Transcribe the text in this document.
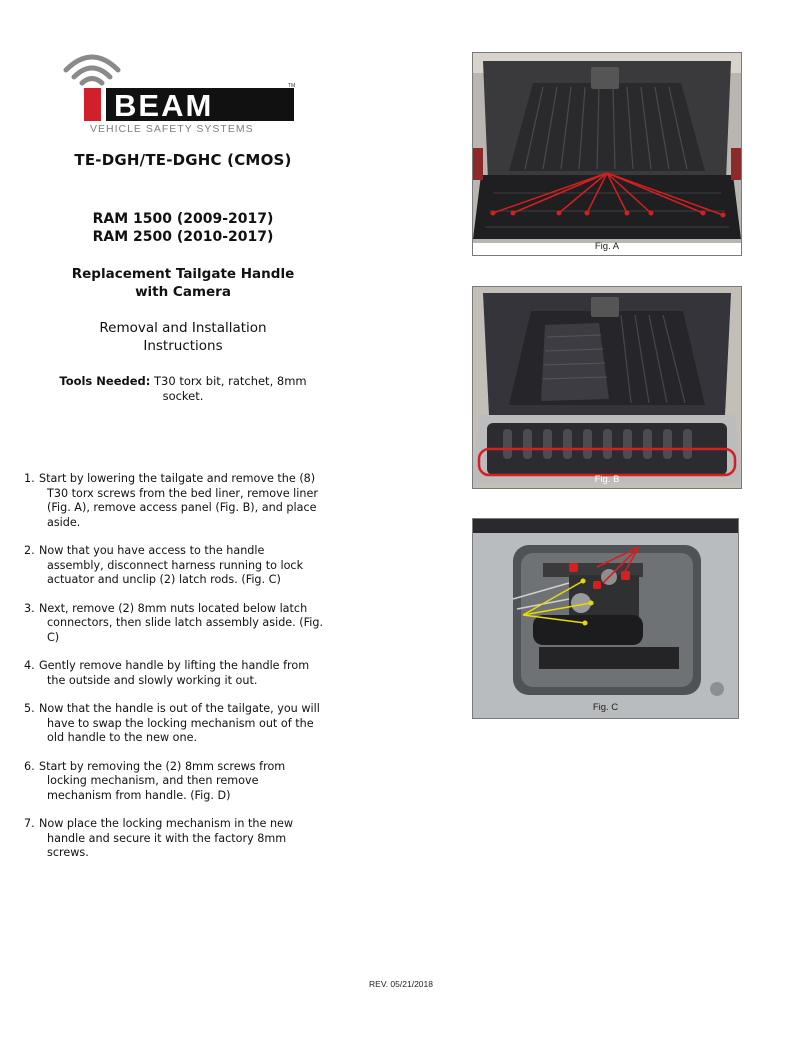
BEAM
TM
VEHICLE SAFETY SYSTEMS
TE-DGH/TE-DGHC (CMOS)
RAM 1500 (2009-2017)
RAM 2500 (2010-2017)
Replacement Tailgate Handle
with Camera
Removal and Installation
Instructions
Tools Needed: T30 torx bit, ratchet, 8mm socket.
1. Start by lowering the tailgate and remove the (8) T30 torx screws from the bed liner, remove liner (Fig. A), remove access panel (Fig. B), and place aside.
2. Now that you have access to the handle assembly, disconnect harness running to lock actuator and unclip (2) latch rods. (Fig. C)
3. Next, remove (2) 8mm nuts located below latch connectors, then slide latch assembly aside. (Fig. C)
4. Gently remove handle by lifting the handle from the outside and slowly working it out.
5. Now that the handle is out of the tailgate, you will have to swap the locking mechanism out of the old handle to the new one.
6. Start by removing the (2) 8mm screws from locking mechanism, and then remove mechanism from handle. (Fig. D)
7. Now place the locking mechanism in the new handle and secure it with the factory 8mm screws.
Fig. A
Fig. B
Fig. C
REV. 05/21/2018
